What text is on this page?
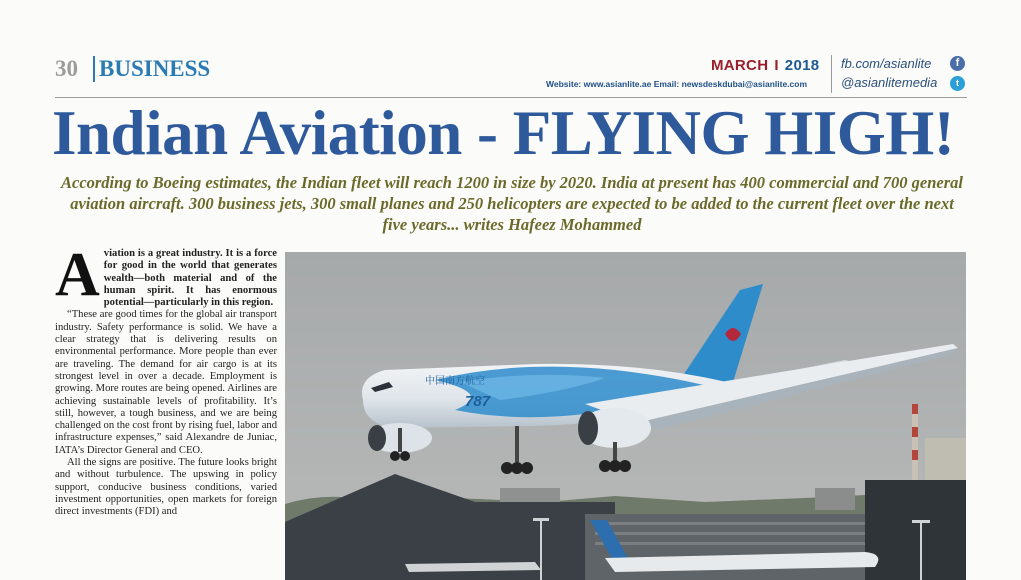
30 BUSINESS	MARCH I 2018
Website: www.asianlite.ae Email: newsdeskdubai@asianlite.com
fb.com/asianlite
@asianlitemedia
f
t
Indian Aviation - FLYING HIGH!
According to Boeing estimates, the Indian fleet will reach 1200 in size by 2020. India at present has 400 commercial and 700 general aviation aircraft. 300 business jets, 300 small planes and 250 helicopters are expected to be added to the current fleet over the next five years... writes Hafeez Mohammed

Aviation is a great industry. It is a force for good in the world that generates wealth—both material and of the human spirit. It has enormous potential—particularly in this region.

“These are good times for the global air transport industry. Safety performance is solid. We have a clear strategy that is delivering results on environmental performance. More people than ever are traveling. The demand for air cargo is at its strongest level in over a decade. Employment is growing. More routes are being opened. Airlines are achieving sustainable levels of profitability. It’s still, however, a tough business, and we are being challenged on the cost front by rising fuel, labor and infrastructure expenses,” said Alexandre de Juniac, IATA’s Director General and CEO.

All the signs are positive. The future looks bright and without turbulence. The upswing in policy support, conducive business conditions, varied investment opportunities, open markets for foreign direct investments (FDI) and

中国南方航空
787
